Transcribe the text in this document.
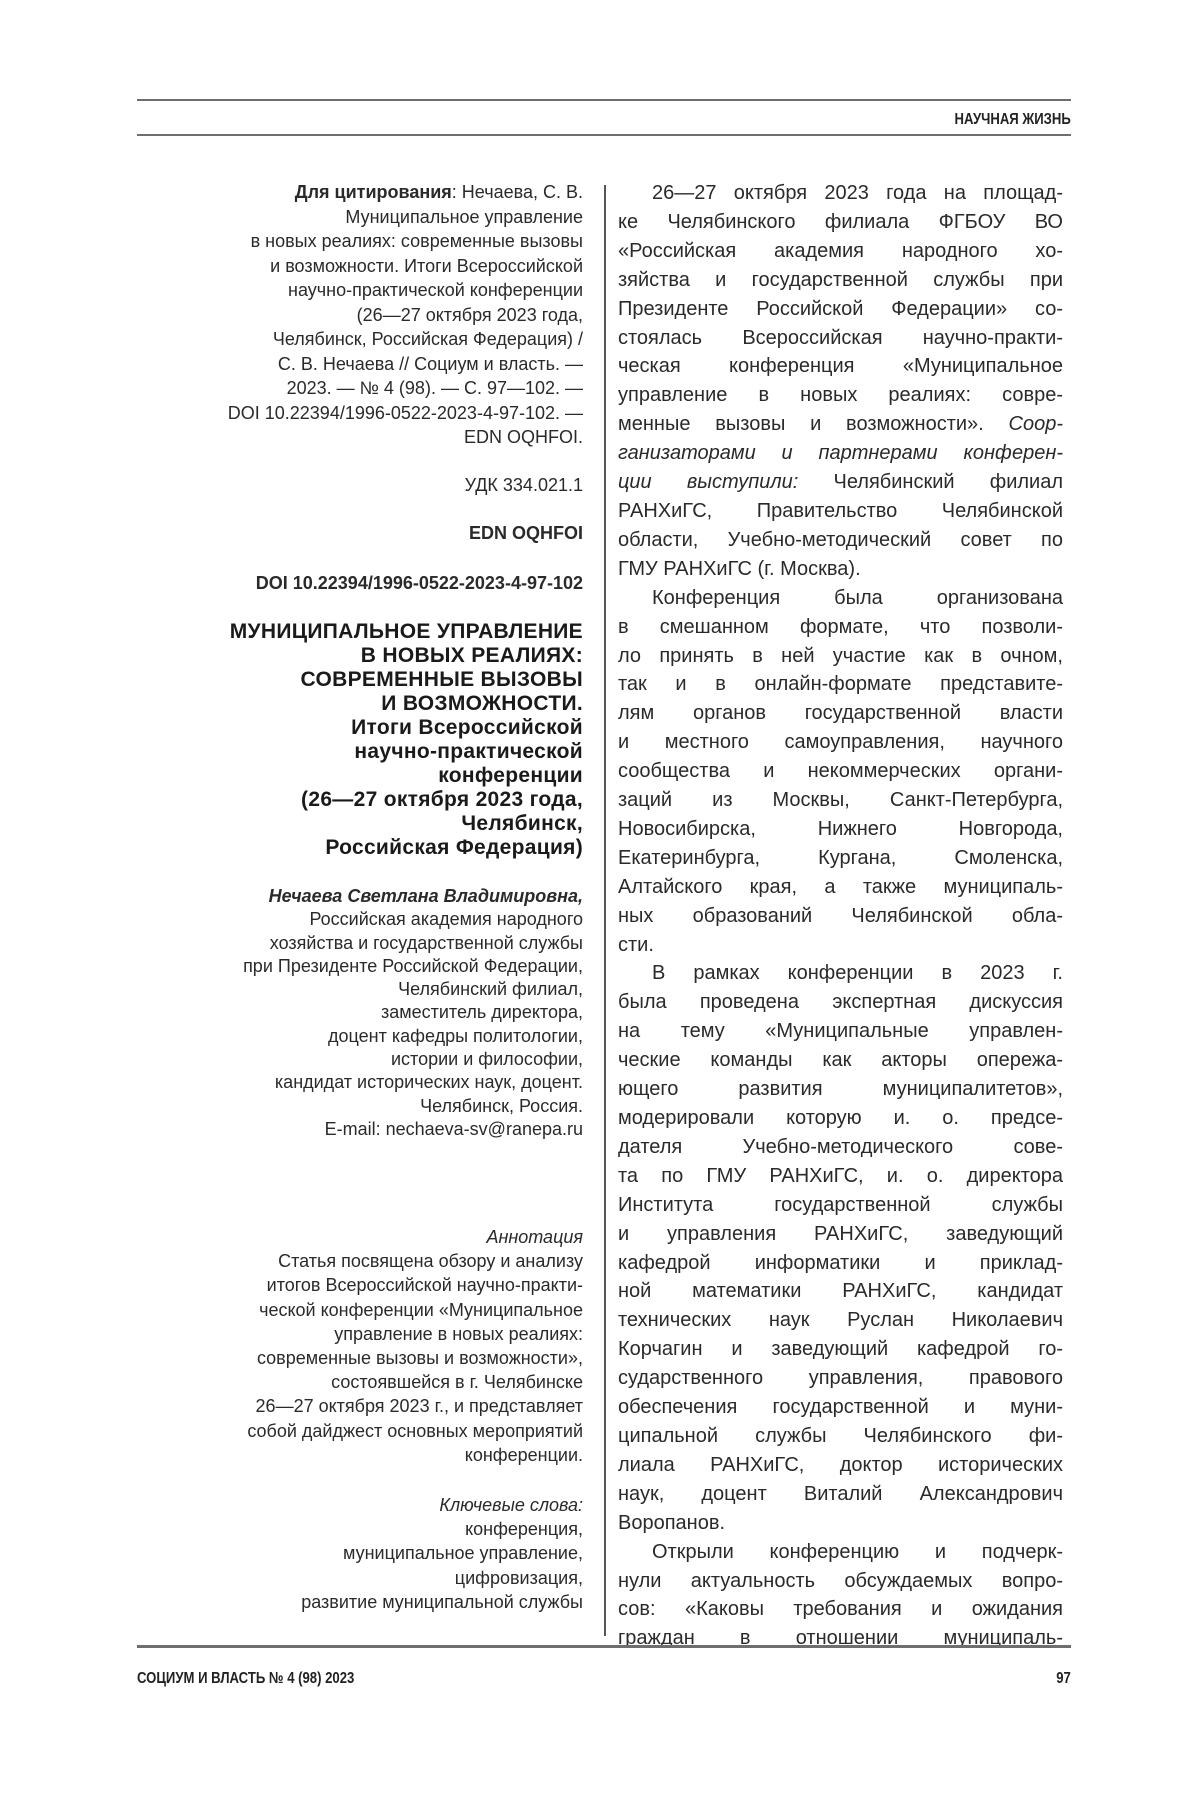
НАУЧНАЯ ЖИЗНЬ
Для цитирования: Нечаева, С. В.
Муниципальное управление
в новых реалиях: современные вызовы
и возможности. Итоги Всероссийской
научно-практической конференции
(26—27 октября 2023 года,
Челябинск, Российская Федерация) /
С. В. Нечаева // Социум и власть. —
2023. — № 4 (98). — С. 97—102. —
DOI 10.22394/1996-0522-2023-4-97-102. —
EDN OQHFOI.
УДК 334.021.1
EDN OQHFOI
DOI 10.22394/1996-0522-2023-4-97-102
МУНИЦИПАЛЬНОЕ УПРАВЛЕНИЕ
В НОВЫХ РЕАЛИЯХ:
СОВРЕМЕННЫЕ ВЫЗОВЫ
И ВОЗМОЖНОСТИ.
Итоги Всероссийской
научно-практической
конференции
(26—27 октября 2023 года,
Челябинск,
Российская Федерация)
Нечаева Светлана Владимировна,
Российская академия народного
хозяйства и государственной службы
при Президенте Российской Федерации,
Челябинский филиал,
заместитель директора,
доцент кафедры политологии,
истории и философии,
кандидат исторических наук, доцент.
Челябинск, Россия.
E-mail: nechaeva-sv@ranepa.ru
Аннотация
Статья посвящена обзору и анализу
итогов Всероссийской научно-практи-
ческой конференции «Муниципальное
управление в новых реалиях:
современные вызовы и возможности»,
состоявшейся в г. Челябинске
26—27 октября 2023 г., и представляет
собой дайджест основных мероприятий
конференции.
Ключевые слова:
конференция,
муниципальное управление,
цифровизация,
развитие муниципальной службы
26—27 октября 2023 года на площад-
ке Челябинского филиала ФГБОУ ВО
«Российская академия народного хо-
зяйства и государственной службы при
Президенте Российской Федерации» со-
стоялась Всероссийская научно-практи-
ческая конференция «Муниципальное
управление в новых реалиях: совре-
менные вызовы и возможности». Соор-
ганизаторами и партнерами конферен-
ции выступили: Челябинский филиал
РАНХиГС, Правительство Челябинской
области, Учебно-методический совет по
ГМУ РАНХиГС (г. Москва).
Конференция была организована
в смешанном формате, что позволи-
ло принять в ней участие как в очном,
так и в онлайн-формате представите-
лям органов государственной власти
и местного самоуправления, научного
сообщества и некоммерческих органи-
заций из Москвы, Санкт-Петербурга,
Новосибирска, Нижнего Новгорода,
Екатеринбурга, Кургана, Смоленска,
Алтайского края, а также муниципаль-
ных образований Челябинской обла-
сти.
В рамках конференции в 2023 г.
была проведена экспертная дискуссия
на тему «Муниципальные управлен-
ческие команды как акторы опережа-
ющего развития муниципалитетов»,
модерировали которую и. о. предсе-
дателя Учебно-методического сове-
та по ГМУ РАНХиГС, и. о. директора
Института государственной службы
и управления РАНХиГС, заведующий
кафедрой информатики и приклад-
ной математики РАНХиГС, кандидат
технических наук Руслан Николаевич
Корчагин и заведующий кафедрой го-
сударственного управления, правового
обеспечения государственной и муни-
ципальной службы Челябинского фи-
лиала РАНХиГС, доктор исторических
наук, доцент Виталий Александрович
Воропанов.
Открыли конференцию и подчерк-
нули актуальность обсуждаемых вопро-
сов: «Каковы требования и ожидания
граждан в отношении муниципаль-
СОЦИУМ И ВЛАСТЬ № 4 (98) 2023	97
